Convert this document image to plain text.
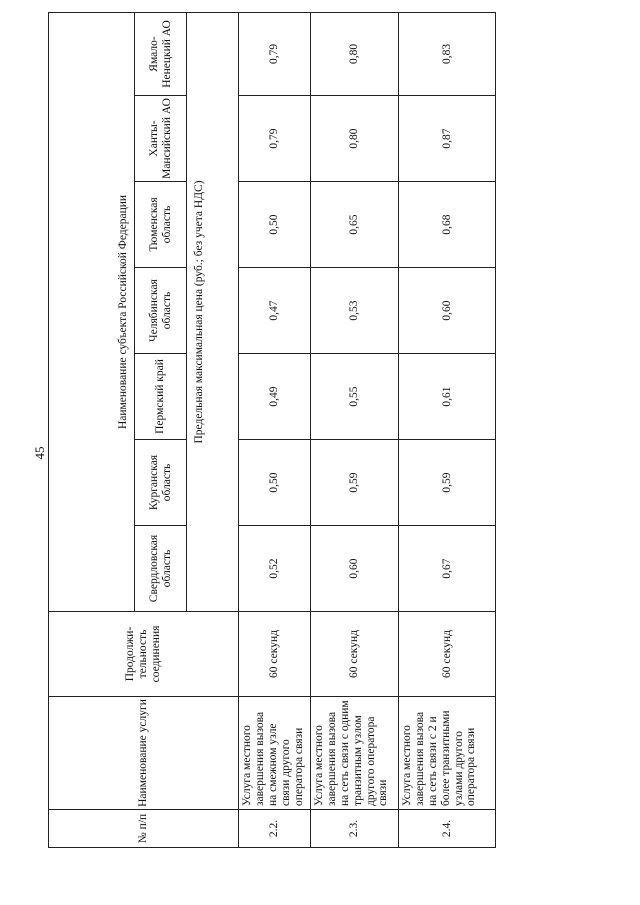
45
№ п/п	Наименование услуги	Продолжи-тельность соединения	Наименование субъекта Российской Федерации						
			Свердловская область	Курганская область	Пермский край	Челябинская область	Тюменская область	Ханты-Мансийский АО	Ямало-Ненецкий АО
			Предельная максимальная цена (руб.; без учета НДС)						
2.2.	Услуга местного завершения вызова на смежном узле связи другого оператора связи	60 секунд	0,52	0,50	0,49	0,47	0,50	0,79	0,79
2.3.	Услуга местного завершения вызова на сеть связи с одним транзитным узлом другого оператора связи	60 секунд	0,60	0,59	0,55	0,53	0,65	0,80	0,80
2.4.	Услуга местного завершения вызова на сеть связи с 2 и более транзитными узлами другого оператора связи	60 секунд	0,67	0,59	0,61	0,60	0,68	0,87	0,83
